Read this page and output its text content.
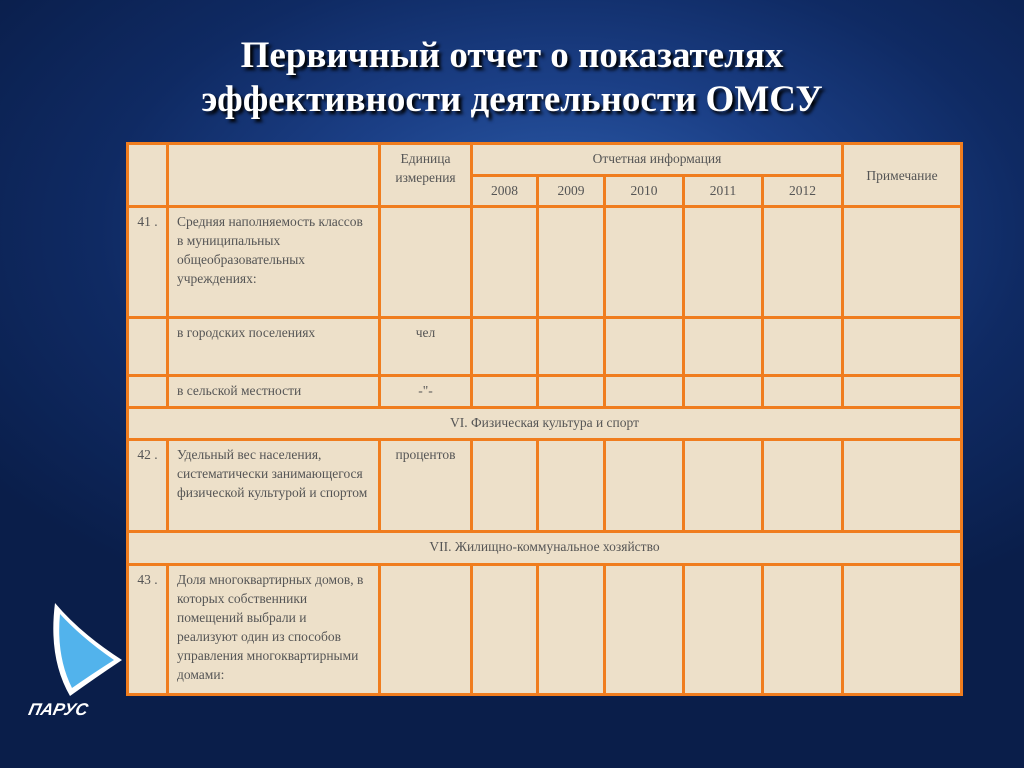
Первичный отчет о показателях
эффективности деятельности ОМСУ
		Единица измерения	Отчетная информация					Примечание
			2008	2009	2010	2011	2012	
41 .	Средняя наполняемость классов в муниципальных общеобразовательных учреждениях:							
	в городских поселениях	чел						
	в сельской местности	-"-						
VI. Физическая культура и спорт								
42 .	Удельный вес населения, систематически занимающегося физической культурой и спортом	процентов						
VII. Жилищно-коммунальное хозяйство								
43 .	Доля многоквартирных домов, в которых собственники помещений выбрали и реализуют один из способов управления многоквартирными домами:							
ПАРУС
